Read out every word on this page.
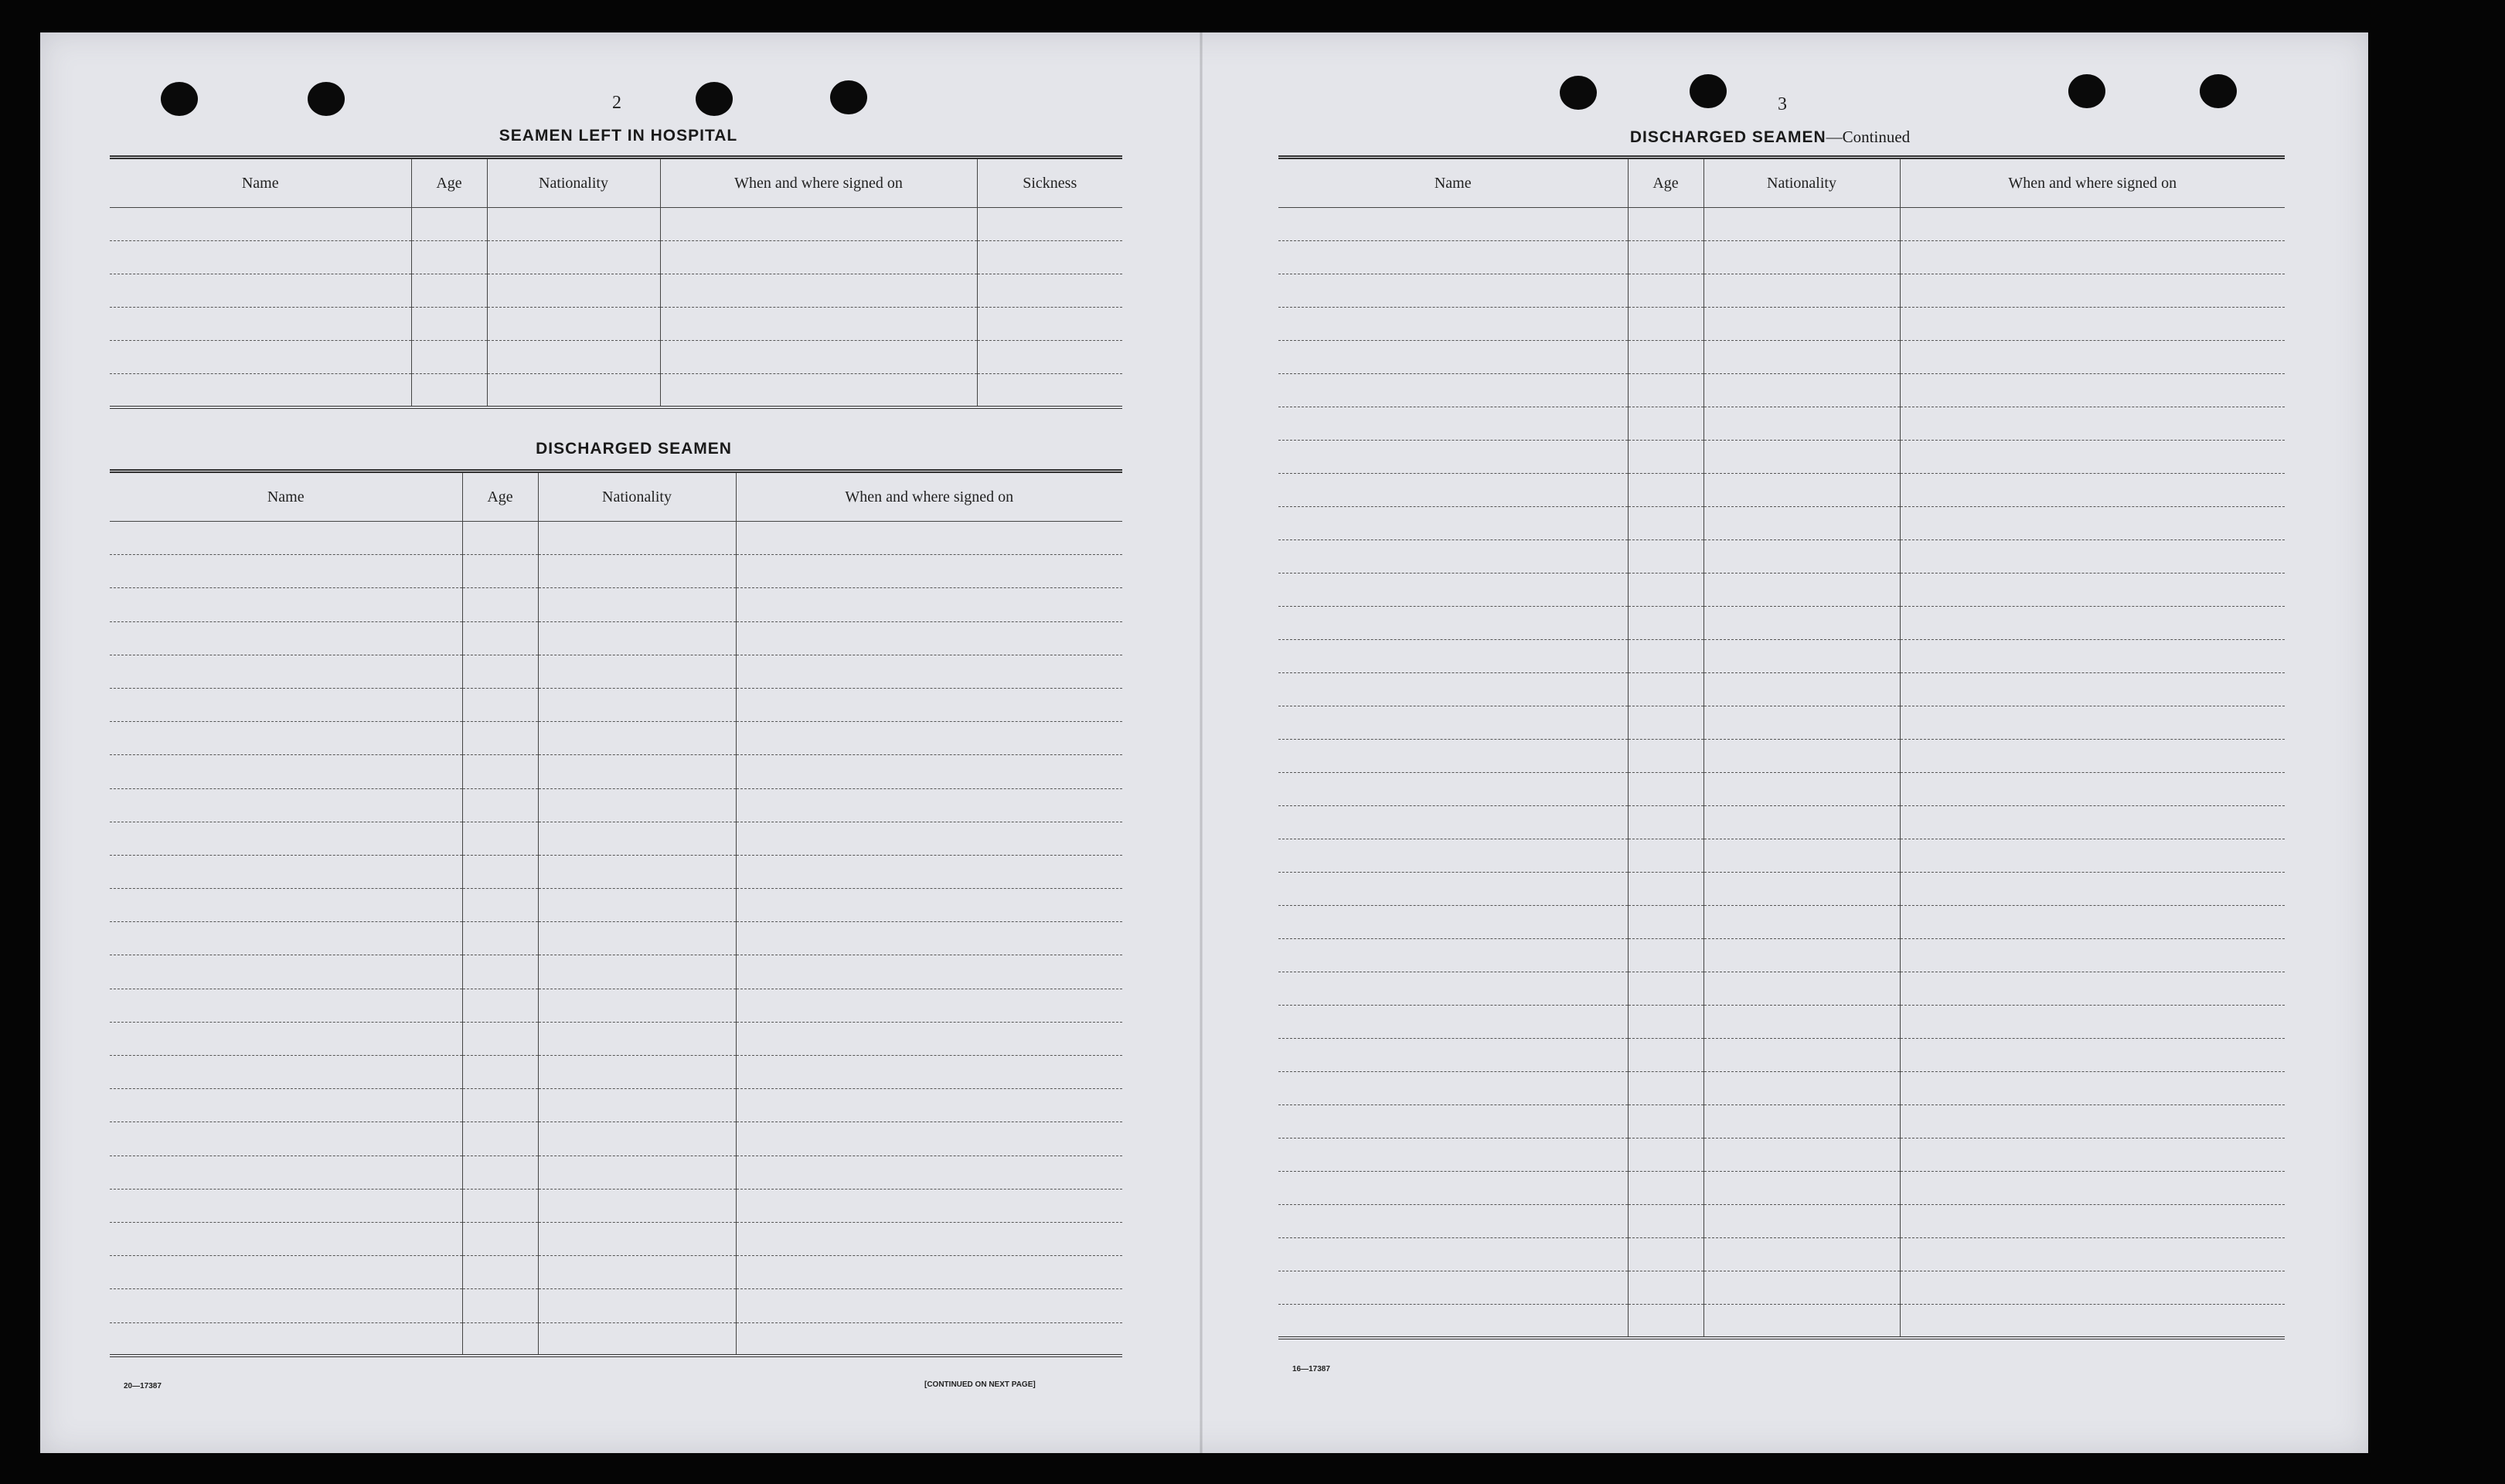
2
SEAMEN LEFT IN HOSPITAL
Name	Age	Nationality	When and where signed on	Sickness

DISCHARGED SEAMEN
Name	Age	Nationality	When and where signed on

20—17387	[CONTINUED ON NEXT PAGE]
3
DISCHARGED SEAMEN—Continued
Name	Age	Nationality	When and where signed on

16—17387
